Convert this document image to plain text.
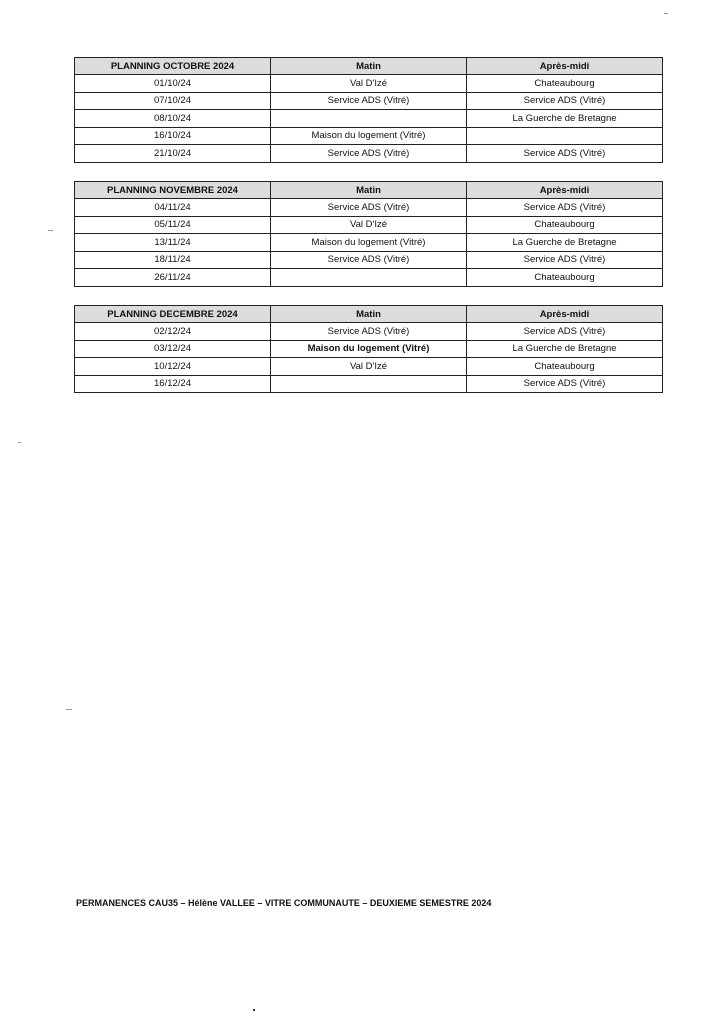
PLANNING OCTOBRE 2024	Matin	Après-midi
01/10/24	Val D'Izé	Chateaubourg
07/10/24	Service ADS (Vitré)	Service ADS (Vitré)
08/10/24		La Guerche de Bretagne
16/10/24	Maison du logement (Vitré)	
21/10/24	Service ADS (Vitré)	Service ADS (Vitré)
PLANNING NOVEMBRE 2024	Matin	Après-midi
04/11/24	Service ADS (Vitré)	Service ADS (Vitré)
05/11/24	Val D'Izé	Chateaubourg
13/11/24	Maison du logement (Vitré)	La Guerche de Bretagne
18/11/24	Service ADS (Vitré)	Service ADS (Vitré)
26/11/24		Chateaubourg
PLANNING DECEMBRE 2024	Matin	Après-midi
02/12/24	Service ADS (Vitré)	Service ADS (Vitré)
03/12/24	Maison du logement (Vitré)	La Guerche de Bretagne
10/12/24	Val D'Izé	Chateaubourg
16/12/24		Service ADS (Vitré)
PERMANENCES CAU35 – Hélène VALLEE – VITRE COMMUNAUTE – DEUXIEME SEMESTRE 2024
